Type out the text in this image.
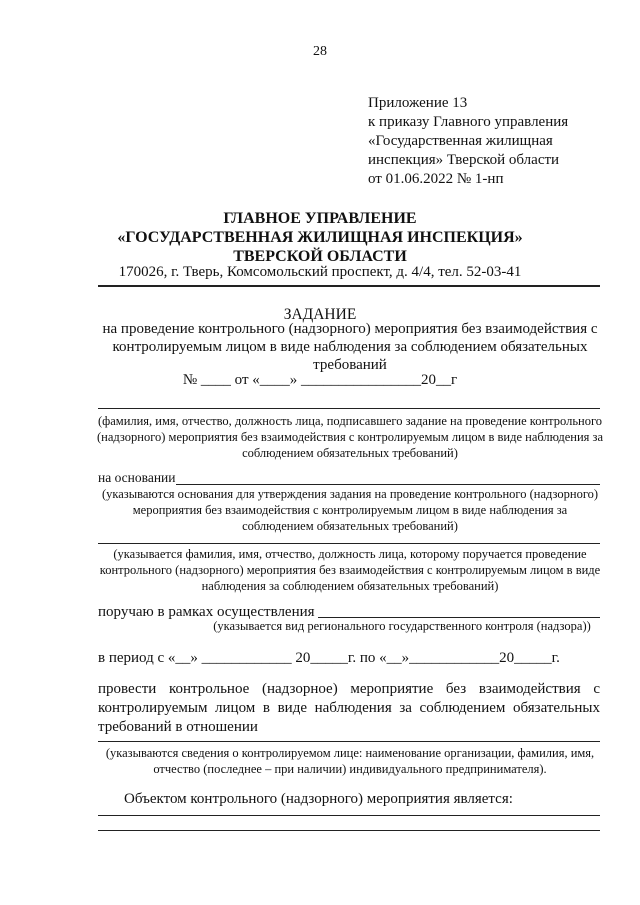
28
Приложение 13
к приказу Главного управления
«Государственная жилищная
инспекция» Тверской области
от 01.06.2022 № 1-нп
ГЛАВНОЕ УПРАВЛЕНИЕ
«ГОСУДАРСТВЕННАЯ ЖИЛИЩНАЯ ИНСПЕКЦИЯ»
ТВЕРСКОЙ ОБЛАСТИ
170026, г. Тверь, Комсомольский проспект, д. 4/4, тел. 52-03-41
ЗАДАНИЕ
на проведение контрольного (надзорного) мероприятия без взаимодействия с контролируемым лицом в виде наблюдения за соблюдением обязательных требований
№ ____ от «____» ________________20__г
(фамилия, имя, отчество, должность лица, подписавшего задание на проведение контрольного (надзорного) мероприятия без взаимодействия с контролируемым лицом в виде наблюдения за соблюдением обязательных требований)
на основании
(указываются основания для утверждения задания на проведение контрольного (надзорного) мероприятия без взаимодействия с контролируемым лицом в виде наблюдения за соблюдением обязательных требований)
(указывается фамилия, имя, отчество, должность лица, которому поручается проведение контрольного (надзорного) мероприятия без взаимодействия с контролируемым лицом в виде наблюдения за соблюдением обязательных требований)
поручаю в рамках осуществления
(указывается вид регионального государственного контроля (надзора))
в период с «__» ____________ 20_____г. по «__»____________20_____г.
провести контрольное (надзорное) мероприятие без взаимодействия с контролируемым лицом в виде наблюдения за соблюдением обязательных требований в отношении
(указываются сведения о контролируемом лице: наименование организации, фамилия, имя, отчество (последнее – при наличии) индивидуального предпринимателя).
Объектом контрольного (надзорного) мероприятия является:
